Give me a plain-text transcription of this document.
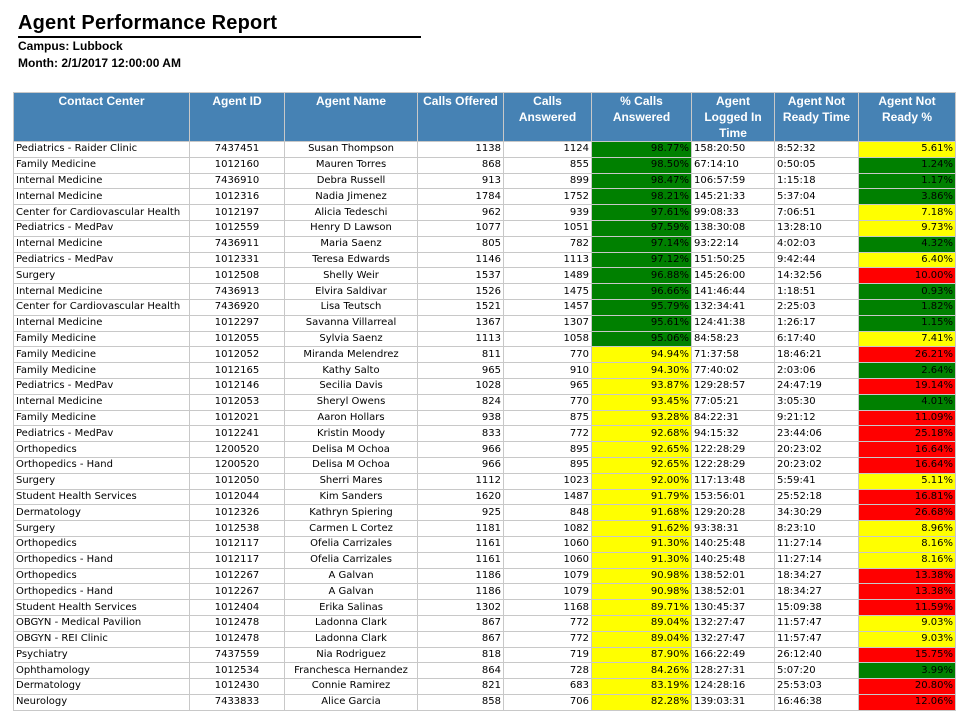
Agent Performance Report
Campus: Lubbock
Month: 2/1/2017 12:00:00 AM
Contact Center	Agent ID	Agent Name	Calls Offered	Calls Answered	% Calls Answered	Agent Logged In Time	Agent Not Ready Time	Agent Not Ready %
Pediatrics - Raider Clinic	7437451	Susan Thompson	1138	1124	98.77%	158:20:50	8:52:32	5.61%
Family Medicine	1012160	Mauren Torres	868	855	98.50%	67:14:10	0:50:05	1.24%
Internal Medicine	7436910	Debra Russell	913	899	98.47%	106:57:59	1:15:18	1.17%
Internal Medicine	1012316	Nadia Jimenez	1784	1752	98.21%	145:21:33	5:37:04	3.86%
Center for Cardiovascular Health	1012197	Alicia Tedeschi	962	939	97.61%	99:08:33	7:06:51	7.18%
Pediatrics - MedPav	1012559	Henry D Lawson	1077	1051	97.59%	138:30:08	13:28:10	9.73%
Internal Medicine	7436911	Maria Saenz	805	782	97.14%	93:22:14	4:02:03	4.32%
Pediatrics - MedPav	1012331	Teresa Edwards	1146	1113	97.12%	151:50:25	9:42:44	6.40%
Surgery	1012508	Shelly Weir	1537	1489	96.88%	145:26:00	14:32:56	10.00%
Internal Medicine	7436913	Elvira Saldivar	1526	1475	96.66%	141:46:44	1:18:51	0.93%
Center for Cardiovascular Health	7436920	Lisa Teutsch	1521	1457	95.79%	132:34:41	2:25:03	1.82%
Internal Medicine	1012297	Savanna Villarreal	1367	1307	95.61%	124:41:38	1:26:17	1.15%
Family Medicine	1012055	Sylvia Saenz	1113	1058	95.06%	84:58:23	6:17:40	7.41%
Family Medicine	1012052	Miranda Melendrez	811	770	94.94%	71:37:58	18:46:21	26.21%
Family Medicine	1012165	Kathy Salto	965	910	94.30%	77:40:02	2:03:06	2.64%
Pediatrics - MedPav	1012146	Secilia Davis	1028	965	93.87%	129:28:57	24:47:19	19.14%
Internal Medicine	1012053	Sheryl Owens	824	770	93.45%	77:05:21	3:05:30	4.01%
Family Medicine	1012021	Aaron Hollars	938	875	93.28%	84:22:31	9:21:12	11.09%
Pediatrics - MedPav	1012241	Kristin Moody	833	772	92.68%	94:15:32	23:44:06	25.18%
Orthopedics	1200520	Delisa M Ochoa	966	895	92.65%	122:28:29	20:23:02	16.64%
Orthopedics - Hand	1200520	Delisa M Ochoa	966	895	92.65%	122:28:29	20:23:02	16.64%
Surgery	1012050	Sherri Mares	1112	1023	92.00%	117:13:48	5:59:41	5.11%
Student Health Services	1012044	Kim Sanders	1620	1487	91.79%	153:56:01	25:52:18	16.81%
Dermatology	1012326	Kathryn Spiering	925	848	91.68%	129:20:28	34:30:29	26.68%
Surgery	1012538	Carmen L Cortez	1181	1082	91.62%	93:38:31	8:23:10	8.96%
Orthopedics	1012117	Ofelia Carrizales	1161	1060	91.30%	140:25:48	11:27:14	8.16%
Orthopedics - Hand	1012117	Ofelia Carrizales	1161	1060	91.30%	140:25:48	11:27:14	8.16%
Orthopedics	1012267	A Galvan	1186	1079	90.98%	138:52:01	18:34:27	13.38%
Orthopedics - Hand	1012267	A Galvan	1186	1079	90.98%	138:52:01	18:34:27	13.38%
Student Health Services	1012404	Erika Salinas	1302	1168	89.71%	130:45:37	15:09:38	11.59%
OBGYN - Medical Pavilion	1012478	Ladonna Clark	867	772	89.04%	132:27:47	11:57:47	9.03%
OBGYN - REI Clinic	1012478	Ladonna Clark	867	772	89.04%	132:27:47	11:57:47	9.03%
Psychiatry	7437559	Nia Rodriguez	818	719	87.90%	166:22:49	26:12:40	15.75%
Ophthamology	1012534	Franchesca Hernandez	864	728	84.26%	128:27:31	5:07:20	3.99%
Dermatology	1012430	Connie Ramirez	821	683	83.19%	124:28:16	25:53:03	20.80%
Neurology	7433833	Alice Garcia	858	706	82.28%	139:03:31	16:46:38	12.06%
